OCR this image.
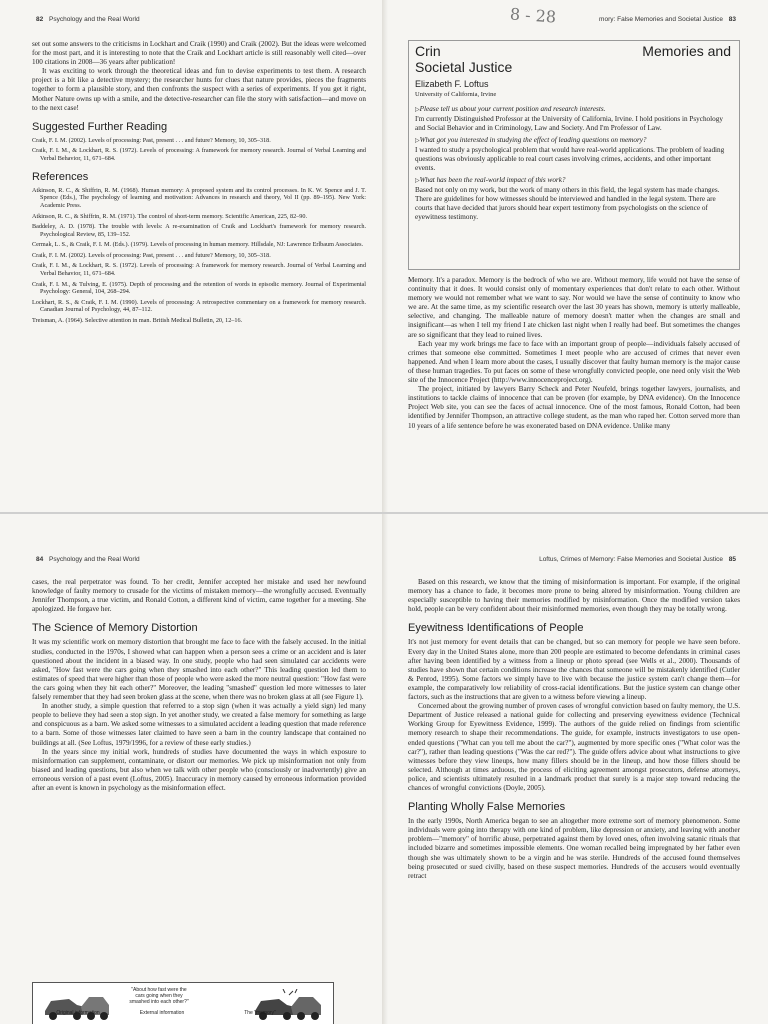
82 Psychology and the Real World

set out some answers to the criticisms in Lockhart and Craik (1990) and Craik (2002). But the ideas were welcomed for the most part, and it is interesting to note that the Craik and Lockhart article is still reasonably well cited—over 100 citations in 2008—36 years after publication!

It was exciting to work through the theoretical ideas and fun to devise experiments to test them. A research project is a bit like a detective mystery; the researcher hunts for clues that nature provides, pieces the fragments together to form a plausible story, and then confronts the suspect with a series of experiments. If you get it right, Mother Nature owns up with a smile, and the detective-researcher can file the story with satisfaction—and move on to the next case!

Suggested Further Reading
Craik, F. I. M. (2002). Levels of processing: Past, present . . . and future? Memory, 10, 305–318.
Craik, F. I. M., & Lockhart, R. S. (1972). Levels of processing: A framework for memory research. Journal of Verbal Learning and Verbal Behavior, 11, 671–684.
References
Atkinson, R. C., & Shiffrin, R. M. (1968). Human memory: A proposed system and its control processes. In K. W. Spence and J. T. Spence (Eds.), The psychology of learning and motivation: Advances in research and theory, Vol II (pp. 89–195). New York: Academic Press.
Atkinson, R. C., & Shiffrin, R. M. (1971). The control of short-term memory. Scientific American, 225, 82–90.
Baddeley, A. D. (1978). The trouble with levels: A re-examination of Craik and Lockhart's framework for memory research. Psychological Review, 85, 139–152.
Cermak, L. S., & Craik, F. I. M. (Eds.). (1979). Levels of processing in human memory. Hillsdale, NJ: Lawrence Erlbaum Associates.
Craik, F. I. M. (2002). Levels of processing: Past, present . . . and future? Memory, 10, 305–318.
Craik, F. I. M., & Lockhart, R. S. (1972). Levels of processing: A framework for memory research. Journal of Verbal Learning and Verbal Behavior, 11, 671–684.
Craik, F. I. M., & Tulving, E. (1975). Depth of processing and the retention of words in episodic memory. Journal of Experimental Psychology: General, 104, 268–294.
Lockhart, R. S., & Craik, F. I. M. (1990). Levels of processing: A retrospective commentary on a framework for memory research. Canadian Journal of Psychology, 44, 87–112.
Treisman, A. (1964). Selective attention in man. British Medical Bulletin, 20, 12–16.
8 - 28	mory: False Memories and Societal Justice 83
Crin
Societal Justice
Memories and
Elizabeth F. Loftus
University of California, Irvine
▷ Please tell us about your current position and research interests.
I'm currently Distinguished Professor at the University of California, Irvine. I hold positions in Psychology and Social Behavior and in Criminology, Law and Society. And I'm Professor of Law.
▷ What got you interested in studying the effect of leading questions on memory?
I wanted to study a psychological problem that would have real-world applications. The problem of leading questions was obviously applicable to real court cases involving crimes, accidents, and other important events.
▷ What has been the real-world impact of this work?
Based not only on my work, but the work of many others in this field, the legal system has made changes. There are guidelines for how witnesses should be interviewed and handled in the legal system. There are courts that have decided that jurors should hear expert testimony from psychologists on the science of eyewitness testimony.

Memory. It's a paradox. Memory is the bedrock of who we are. Without memory, life would not have the sense of continuity that it does. It would consist only of momentary experiences that don't relate to each other. Without memory we would not remember what we want to say. Nor would we have the sense of continuity to know who we are. At the same time, as my scientific research over the last 30 years has shown, memory is utterly malleable, selective, and changing. The malleable nature of memory doesn't matter when the changes are small and insignificant—as when I tell my friend I ate chicken last night when I really had beef. But sometimes the changes are so significant that they lead to ruined lives.

Each year my work brings me face to face with an important group of people—individuals falsely accused of crimes that someone else committed. Sometimes I meet people who are accused of crimes that never even happened. And when I learn more about the cases, I usually discover that faulty human memory is the major cause of these human tragedies. To put faces on some of these wrongfully convicted people, one need only visit the Web site of the Innocence Project (http://www.innocenceproject.org).

The project, initiated by lawyers Barry Scheck and Peter Neufeld, brings together lawyers, journalists, and institutions to tackle claims of innocence that can be proven (for example, by DNA evidence). On the Innocence Project Web site, you can see the faces of actual innocence. One of the most famous, Ronald Cotton, had been identified by Jennifer Thompson, an attractive college student, as the man who raped her. Cotton served more than 10 years of a life sentence before he was exonerated based on DNA evidence. Unlike many

84 Psychology and the Real World

cases, the real perpetrator was found. To her credit, Jennifer accepted her mistake and used her newfound knowledge of faulty memory to crusade for the victims of mistaken memory—the wrongfully accused. Eventually Jennifer Thompson, a true victim, and Ronald Cotton, a different kind of victim, came together for a meeting. She apologized. He forgave her.

The Science of Memory Distortion

It was my scientific work on memory distortion that brought me face to face with the falsely accused. In the initial studies, conducted in the 1970s, I showed what can happen when a person sees a crime or an accident and is later questioned about the incident in a biased way. In one study, people who had seen simulated car accidents were asked, "How fast were the cars going when they smashed into each other?" This leading question led them to estimates of speed that were higher than those of people who were asked the more neutral question: "How fast were the cars going when they hit each other?" Moreover, the leading "smashed" question led more witnesses to later falsely remember that they had seen broken glass at the scene, when there was no broken glass at all (see Figure 1).

In another study, a simple question that referred to a stop sign (when it was actually a yield sign) led many people to believe they had seen a stop sign. In yet another study, we created a false memory for something as large and conspicuous as a barn. We asked some witnesses to a simulated accident a leading question that made reference to a barn. Some of those witnesses later claimed to have seen a barn in the country landscape that contained no buildings at all. (See Loftus, 1979/1996, for a review of these early studies.)

In the years since my initial work, hundreds of studies have documented the ways in which exposure to misinformation can supplement, contaminate, or distort our memories. We pick up misinformation not only from biased and leading questions, but also when we talk with other people who (consciously or inadvertently) give an erroneous version of a past event (Loftus, 2005). Inaccuracy in memory caused by erroneous information provided after an event is known in psychology as the misinformation effect.

"About how fast were the cars going when they smashed into each other?"
Original information	External information	The "memory"
Loftus, Crimes of Memory: False Memories and Societal Justice 85

Based on this research, we know that the timing of misinformation is important. For example, if the original memory has a chance to fade, it becomes more prone to being altered by misinformation. Young children are especially susceptible to having their memories modified by misinformation. Once the modified version takes hold, people can be very confident about their misinformed memories, even though they may be totally wrong.

Eyewitness Identifications of People

It's not just memory for event details that can be changed, but so can memory for people we have seen before. Every day in the United States alone, more than 200 people are estimated to become defendants in criminal cases after having been identified by a witness from a lineup or photo spread (see Wells et al., 2000). Thousands of studies have shown that certain conditions increase the chances that someone will be mistakenly identified (Cutler & Penrod, 1995). Some factors we simply have to live with because the justice system can't change them—for example, the comparatively low reliability of cross-racial identifications. But the justice system can change other factors, such as the instructions that are given to a witness before viewing a lineup.

Concerned about the growing number of proven cases of wrongful conviction based on faulty memory, the U.S. Department of Justice released a national guide for collecting and preserving eyewitness evidence (Technical Working Group for Eyewitness Evidence, 1999). The authors of the guide relied on findings from scientific memory research to shape their recommendations. The guide, for example, instructs investigators to use open-ended questions ("What can you tell me about the car?"), augmented by more specific ones ("What color was the car?"), rather than leading questions ("Was the car red?"). The guide offers advice about what instructions to give witnesses before they view lineups, how many fillers should be in the lineup, and how those fillers should be selected. Although at times arduous, the process of eliciting agreement amongst prosecutors, defense attorneys, police, and scientists ultimately resulted in a landmark product that surely is a major step toward reducing the chances of wrongful convictions (Doyle, 2005).

Planting Wholly False Memories

In the early 1990s, North America began to see an altogether more extreme sort of memory phenomenon. Some individuals were going into therapy with one kind of problem, like depression or anxiety, and leaving with another problem—"memory" of horrific abuse, perpetrated against them by loved ones, often involving satanic rituals that included bizarre and sometimes impossible elements. One woman recalled being impregnated by her father even though she was ultimately shown to be a virgin and he was sterile. Hundreds of the accused found themselves being prosecuted or sued civilly, based on these suspect memories. Hundreds of the accusers would eventually retract
